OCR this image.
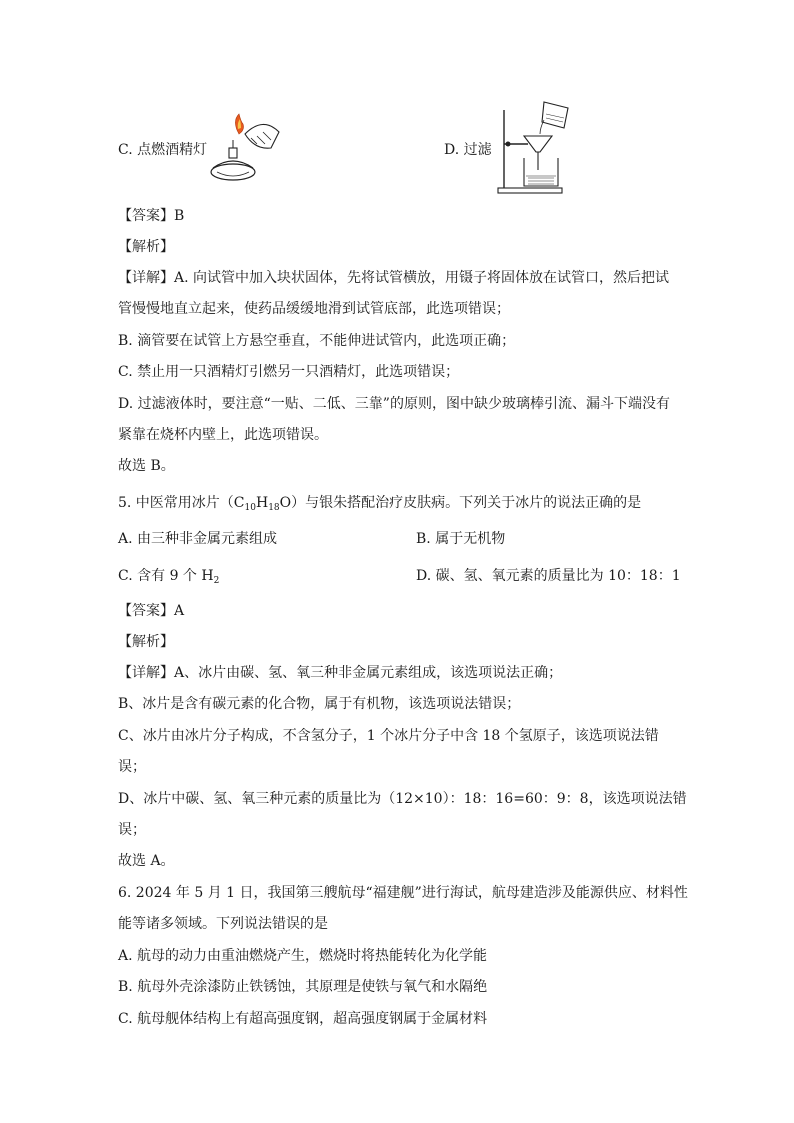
C. 点燃酒精灯	D. 过滤
【答案】B
【解析】
【详解】A. 向试管中加入块状固体，先将试管横放，用镊子将固体放在试管口，然后把试
管慢慢地直立起来，使药品缓缓地滑到试管底部，此选项错误；
B. 滴管要在试管上方悬空垂直，不能伸进试管内，此选项正确；
C. 禁止用一只酒精灯引燃另一只酒精灯，此选项错误；
D. 过滤液体时，要注意“一贴、二低、三靠”的原则，图中缺少玻璃棒引流、漏斗下端没有
紧靠在烧杯内壁上，此选项错误。
故选 B。
5. 中医常用冰片$(C_{10}H_{18}O)$与银朱搭配治疗皮肤病。下列关于冰片的说法正确的是
A. 由三种非金属元素组成	B. 属于无机物
C. 含有 9 个 $H_2$	D. 碳、氢、氧元素的质量比为 10：18：1
【答案】A
【解析】
【详解】A、冰片由碳、氢、氧三种非金属元素组成，该选项说法正确；
B、冰片是含有碳元素的化合物，属于有机物，该选项说法错误；
C、冰片由冰片分子构成，不含氢分子，1 个冰片分子中含 18 个氢原子，该选项说法错
误；
D、冰片中碳、氢、氧三种元素的质量比为（12×10）：18：16=60：9：8，该选项说法错
误；
故选 A。
6. 2024 年 5 月 1 日，我国第三艘航母“福建舰”进行海试，航母建造涉及能源供应、材料性
能等诸多领域。下列说法错误的是
A. 航母的动力由重油燃烧产生，燃烧时将热能转化为化学能
B. 航母外壳涂漆防止铁锈蚀，其原理是使铁与氧气和水隔绝
C. 航母舰体结构上有超高强度钢，超高强度钢属于金属材料
